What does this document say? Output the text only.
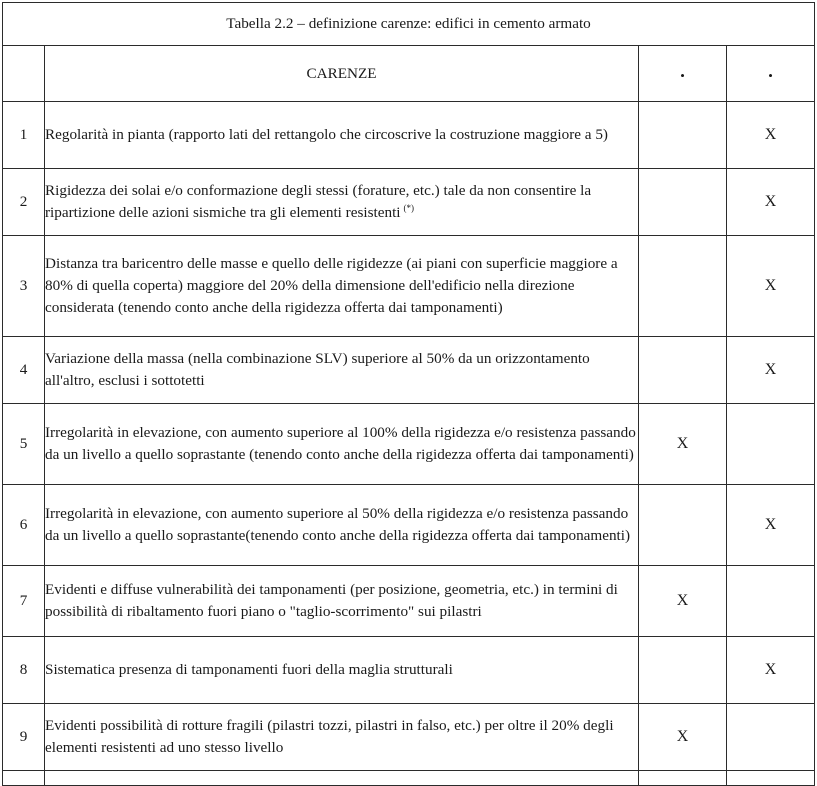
Tabella 2.2 – definizione carenze: edifici in cemento armato			
	CARENZE	•	•
1	Regolarità in pianta (rapporto lati del rettangolo che circoscrive la costruzione maggiore a 5)		X
2	Rigidezza dei solai e/o conformazione degli stessi (forature, etc.) tale da non consentire la ripartizione delle azioni sismiche tra gli elementi resistenti (*)		X
3	Distanza tra baricentro delle masse e quello delle rigidezze (ai piani con superficie maggiore a 80% di quella coperta) maggiore del 20% della dimensione dell'edificio nella direzione considerata (tenendo conto anche della rigidezza offerta dai tamponamenti)		X
4	Variazione della massa (nella combinazione SLV) superiore al 50% da un orizzontamento all'altro, esclusi i sottotetti		X
5	Irregolarità in elevazione, con aumento superiore al 100% della rigidezza e/o resistenza passando da un livello a quello soprastante (tenendo conto anche della rigidezza offerta dai tamponamenti)	X	
6	Irregolarità in elevazione, con aumento superiore al 50% della rigidezza e/o resistenza passando da un livello a quello soprastante(tenendo conto anche della rigidezza offerta dai tamponamenti)		X
7	Evidenti e diffuse vulnerabilità dei tamponamenti (per posizione, geometria, etc.) in termini di possibilità di ribaltamento fuori piano o "taglio-scorrimento" sui pilastri	X	
8	Sistematica presenza di tamponamenti fuori della maglia strutturali		X
9	Evidenti possibilità di rotture fragili (pilastri tozzi, pilastri in falso, etc.) per oltre il 20% degli elementi resistenti ad uno stesso livello	X	
